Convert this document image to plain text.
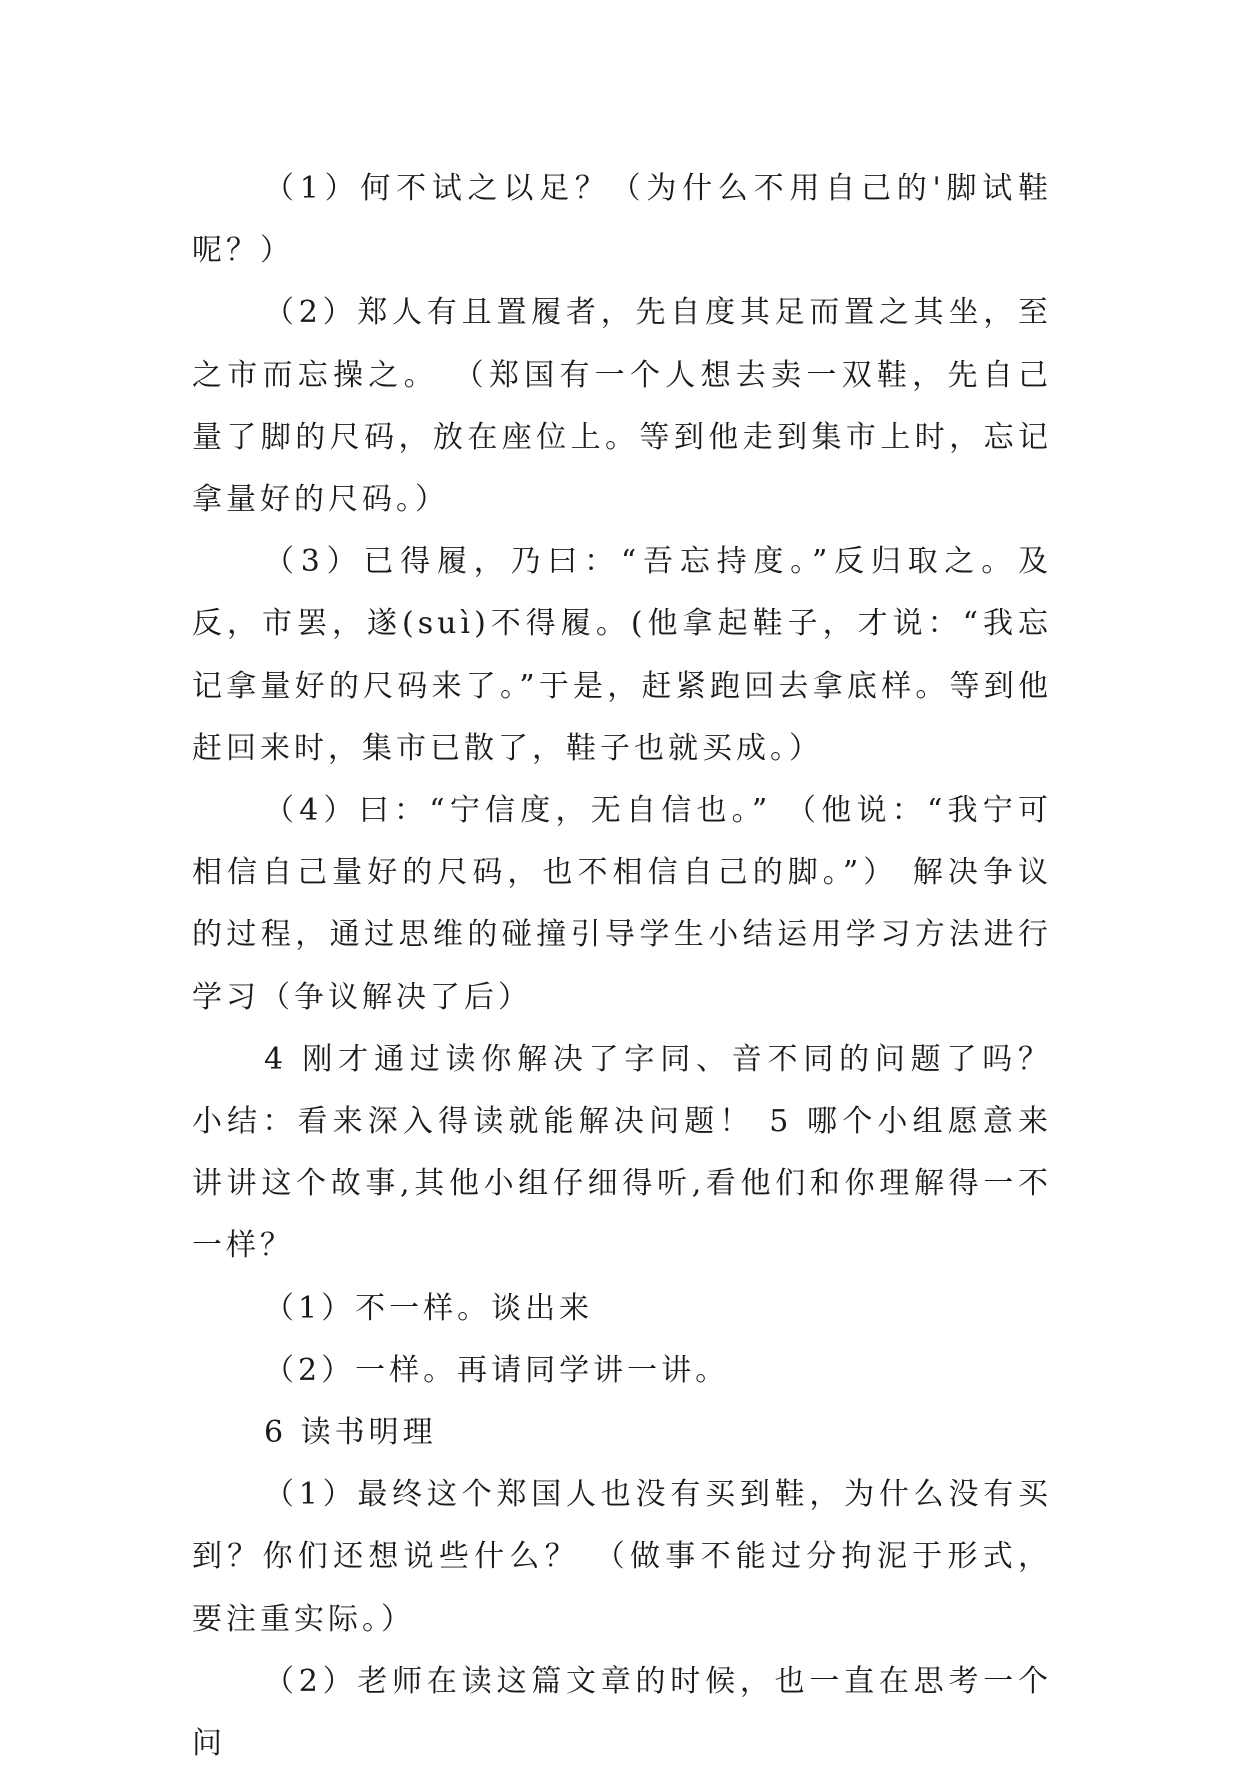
（1）何不试之以足？（为什么不用自己的'脚试鞋呢？）

（2）郑人有且置履者，先自度其足而置之其坐，至之市而忘操之。 （郑国有一个人想去卖一双鞋，先自己量了脚的尺码，放在座位上。等到他走到集市上时，忘记拿量好的尺码。）

（3）已得履，乃曰：“吾忘持度。”反归取之。及反，市罢，遂(suì)不得履。(他拿起鞋子，才说：“我忘记拿量好的尺码来了。”于是，赶紧跑回去拿底样。等到他赶回来时，集市已散了，鞋子也就买成。）

（4）曰：“宁信度，无自信也。” （他说：“我宁可相信自己量好的尺码，也不相信自己的脚。”） 解决争议的过程，通过思维的碰撞引导学生小结运用学习方法进行学习（争议解决了后）

4 刚才通过读你解决了字同、音不同的问题了吗？ 小结：看来深入得读就能解决问题！ 5 哪个小组愿意来讲讲这个故事,其他小组仔细得听,看他们和你理解得一不一样？

（1）不一样。谈出来

（2）一样。再请同学讲一讲。

6 读书明理

（1）最终这个郑国人也没有买到鞋，为什么没有买到？你们还想说些什么？ （做事不能过分拘泥于形式，要注重实际。）

（2）老师在读这篇文章的时候，也一直在思考一个问
